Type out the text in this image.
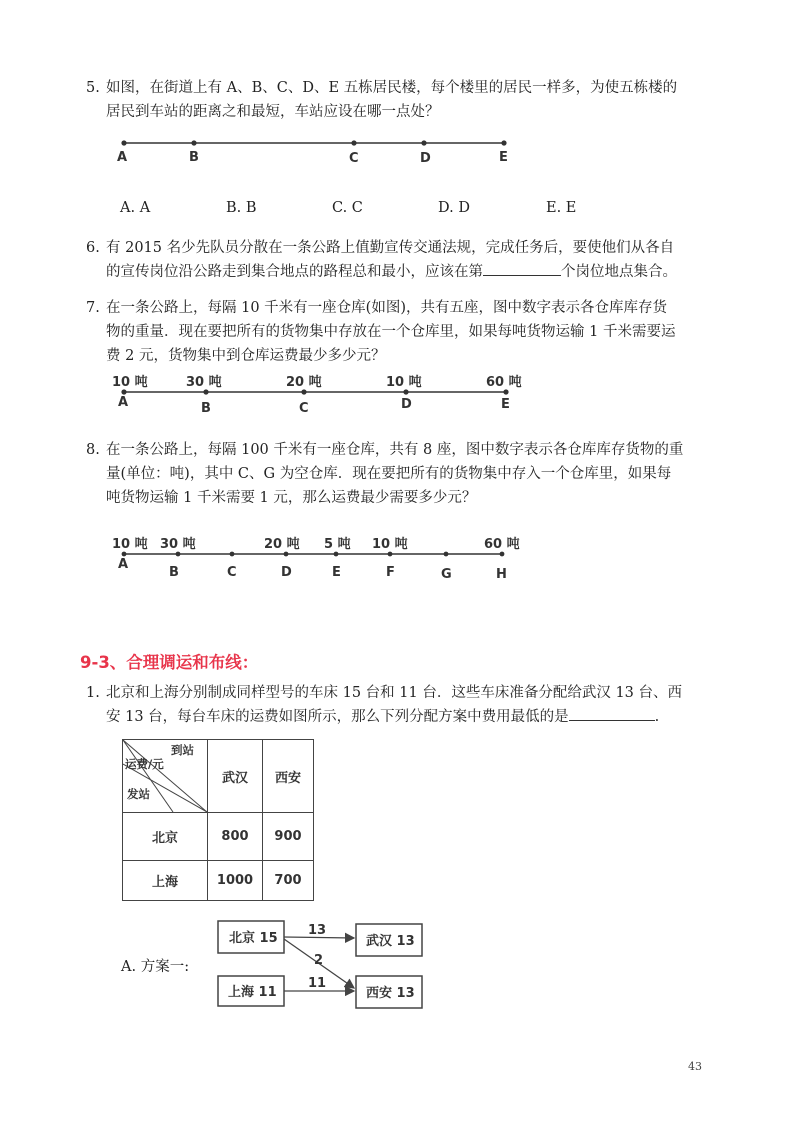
5. 如图，在街道上有 A、B、C、D、E 五栋居民楼，每个楼里的居民一样多，为使五栋楼的
居民到车站的距离之和最短，车站应设在哪一点处？
A	B	C	D	E
A. A	B. B	C. C	D. D	E. E
6. 有 2015 名少先队员分散在一条公路上值勤宣传交通法规，完成任务后，要使他们从各自
的宣传岗位沿公路走到集合地点的路程总和最小，应该在第	个岗位地点集合。
7. 在一条公路上，每隔 10 千米有一座仓库(如图)，共有五座，图中数字表示各仓库库存货
物的重量．现在要把所有的货物集中存放在一个仓库里，如果每吨货物运输 1 千米需要运
费 2 元，货物集中到仓库运费最少多少元？
10 吨	30 吨	20 吨	10 吨	60 吨
A	B	C	D	E
8. 在一条公路上，每隔 100 千米有一座仓库，共有 8 座，图中数字表示各仓库库存货物的重
量(单位：吨)，其中 C、G 为空仓库．现在要把所有的货物集中存入一个仓库里，如果每
吨货物运输 1 千米需要 1 元，那么运费最少需要多少元？
10 吨 30 吨	20 吨 5 吨 10 吨	60 吨
A
B	C	D	E	F	G	H
9-3、合理调运和布线：
1. 北京和上海分别制成同样型号的车床 15 台和 11 台．这些车床准备分配给武汉 13 台、西
安 13 台，每台车床的运费如图所示，那么下列分配方案中费用最低的是	.
到站
运费/元
发站	武汉	西安
北京	800	900
上海	1000	700
A. 方案一:
北京 15
上海 11
武汉 13
西安 13
13
2
11
43
